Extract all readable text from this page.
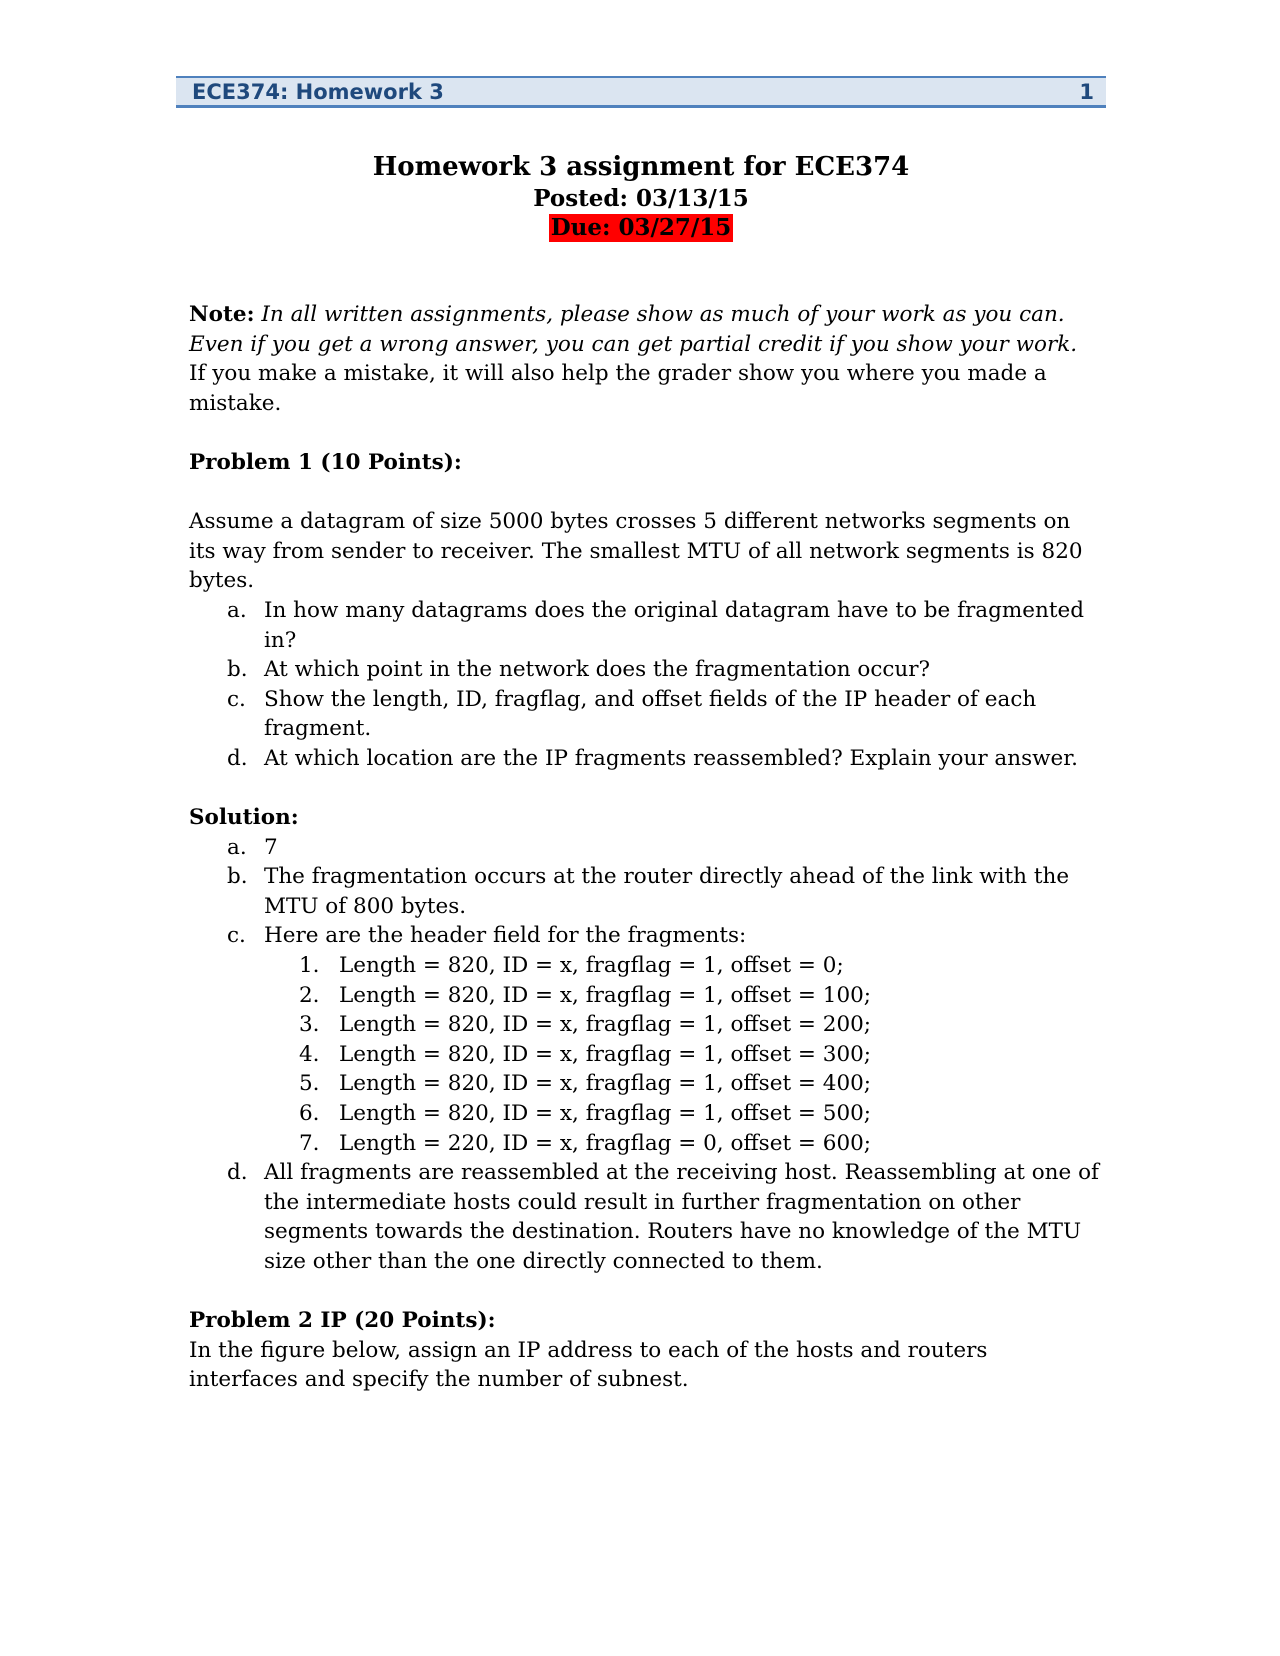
ECE374: Homework 3	1
Homework 3 assignment for ECE374
Posted: 03/13/15
Due: 03/27/15

Note: In all written assignments, please show as much of your work as you can. Even if you get a wrong answer, you can get partial credit if you show your work. If you make a mistake, it will also help the grader show you where you made a mistake.

Problem 1 (10 Points):

Assume a datagram of size 5000 bytes crosses 5 different networks segments on its way from sender to receiver. The smallest MTU of all network segments is 820 bytes.

a. In how many datagrams does the original datagram have to be fragmented in?
b. At which point in the network does the fragmentation occur?
c. Show the length, ID, fragflag, and offset fields of the IP header of each fragment.
d. At which location are the IP fragments reassembled? Explain your answer.

Solution:

a. 7
b. The fragmentation occurs at the router directly ahead of the link with the MTU of 800 bytes.
c. Here are the header field for the fragments:
1. Length = 820, ID = x, fragflag = 1, offset = 0;
2. Length = 820, ID = x, fragflag = 1, offset = 100;
3. Length = 820, ID = x, fragflag = 1, offset = 200;
4. Length = 820, ID = x, fragflag = 1, offset = 300;
5. Length = 820, ID = x, fragflag = 1, offset = 400;
6. Length = 820, ID = x, fragflag = 1, offset = 500;
7. Length = 220, ID = x, fragflag = 0, offset = 600;
d. All fragments are reassembled at the receiving host. Reassembling at one of the intermediate hosts could result in further fragmentation on other segments towards the destination. Routers have no knowledge of the MTU size other than the one directly connected to them.

Problem 2 IP (20 Points):

In the figure below, assign an IP address to each of the hosts and routers interfaces and specify the number of subnest.
